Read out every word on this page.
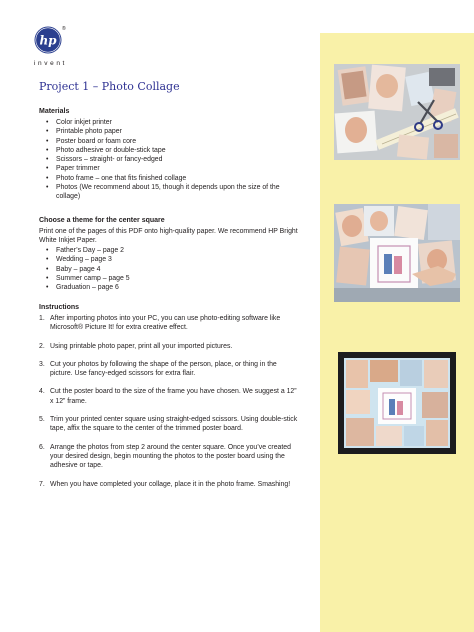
hp
®
invent
Project 1 – Photo Collage
Materials
• Color inkjet printer
• Printable photo paper
• Poster board or foam core
• Photo adhesive or double-stick tape
• Scissors – straight- or fancy-edged
• Paper trimmer
• Photo frame – one that fits finished collage
• Photos (We recommend about 15, though it depends upon the size of the collage)
Choose a theme for the center square
Print one of the pages of this PDF onto high-quality paper. We recommend HP Bright White Inkjet Paper.
• Father’s Day – page 2
• Wedding – page 3
• Baby – page 4
• Summer camp – page 5
• Graduation – page 6
Instructions
1. After importing photos into your PC, you can use photo-editing software like Microsoft® Picture It! for extra creative effect.
2. Using printable photo paper, print all your imported pictures.
3. Cut your photos by following the shape of the person, place, or thing in the picture. Use fancy-edged scissors for extra flair.
4. Cut the poster board to the size of the frame you have chosen. We suggest a 12” x 12” frame.
5. Trim your printed center square using straight-edged scissors. Using double-stick tape, affix the square to the center of the trimmed poster board.
6. Arrange the photos from step 2 around the center square. Once you’ve created your desired design, begin mounting the photos to the poster board using the adhesive or tape.
7. When you have completed your collage, place it in the photo frame. Smashing!
